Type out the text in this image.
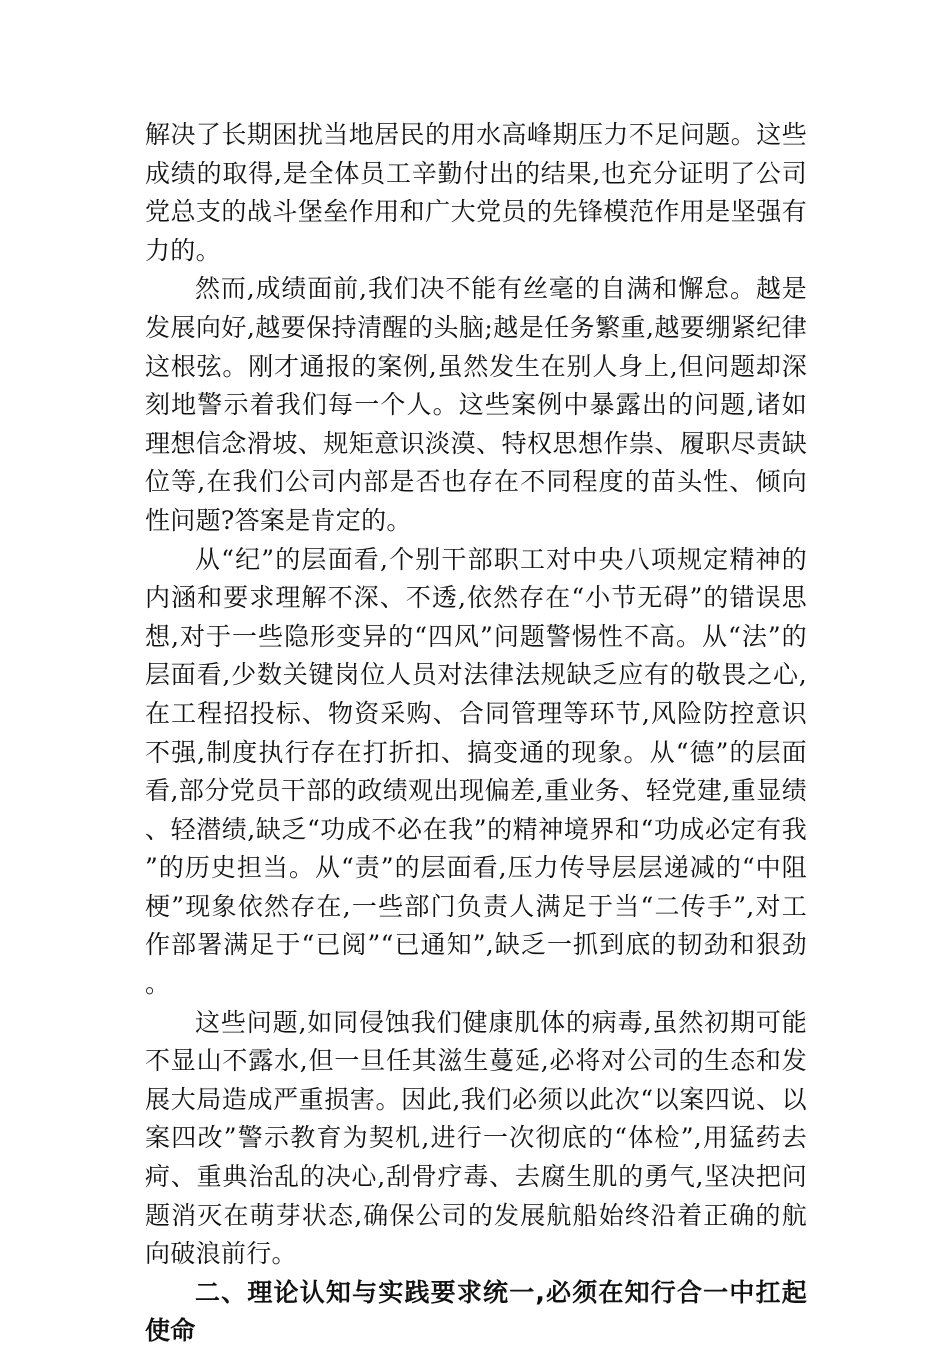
解决了长期困扰当地居民的用水高峰期压力不足问题。这些成绩的取得,是全体员工辛勤付出的结果,也充分证明了公司党总支的战斗堡垒作用和广大党员的先锋模范作用是坚强有力的。

然而,成绩面前,我们决不能有丝毫的自满和懈怠。越是发展向好,越要保持清醒的头脑;越是任务繁重,越要绷紧纪律这根弦。刚才通报的案例,虽然发生在别人身上,但问题却深刻地警示着我们每一个人。这些案例中暴露出的问题,诸如理想信念滑坡、规矩意识淡漠、特权思想作祟、履职尽责缺位等,在我们公司内部是否也存在不同程度的苗头性、倾向性问题?答案是肯定的。

从“纪”的层面看,个别干部职工对中央八项规定精神的内涵和要求理解不深、不透,依然存在“小节无碍”的错误思想,对于一些隐形变异的“四风”问题警惕性不高。从“法”的层面看,少数关键岗位人员对法律法规缺乏应有的敬畏之心,在工程招投标、物资采购、合同管理等环节,风险防控意识不强,制度执行存在打折扣、搞变通的现象。从“德”的层面看,部分党员干部的政绩观出现偏差,重业务、轻党建,重显绩、轻潜绩,缺乏“功成不必在我”的精神境界和“功成必定有我”的历史担当。从“责”的层面看,压力传导层层递减的“中阻梗”现象依然存在,一些部门负责人满足于当“二传手”,对工作部署满足于“已阅”“已通知”,缺乏一抓到底的韧劲和狠劲。

这些问题,如同侵蚀我们健康肌体的病毒,虽然初期可能不显山不露水,但一旦任其滋生蔓延,必将对公司的生态和发展大局造成严重损害。因此,我们必须以此次“以案四说、以案四改”警示教育为契机,进行一次彻底的“体检”,用猛药去疴、重典治乱的决心,刮骨疗毒、去腐生肌的勇气,坚决把问题消灭在萌芽状态,确保公司的发展航船始终沿着正确的航向破浪前行。

二、理论认知与实践要求统一,必须在知行合一中扛起使命
